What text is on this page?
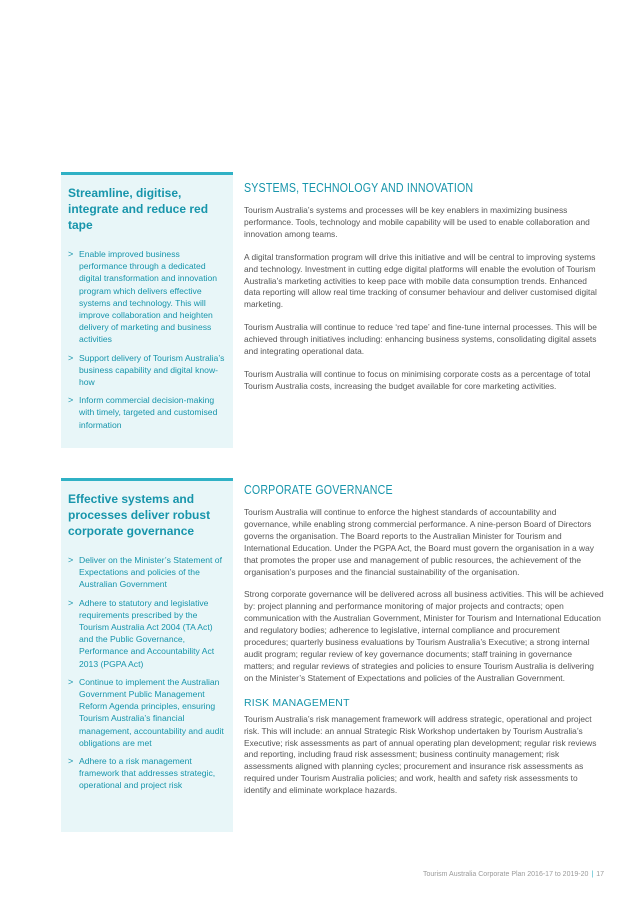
Streamline, digitise, integrate and reduce red tape
> Enable improved business performance through a dedicated digital transformation and innovation program which delivers effective systems and technology. This will improve collaboration and heighten delivery of marketing and business activities
> Support delivery of Tourism Australia’s business capability and digital know-how
> Inform commercial decision-making with timely, targeted and customised information
Effective systems and processes deliver robust corporate governance
> Deliver on the Minister’s Statement of Expectations and policies of the Australian Government
> Adhere to statutory and legislative requirements prescribed by the Tourism Australia Act 2004 (TA Act) and the Public Governance, Performance and Accountability Act 2013 (PGPA Act)
> Continue to implement the Australian Government Public Management Reform Agenda principles, ensuring Tourism Australia’s financial management, accountability and audit obligations are met
> Adhere to a risk management framework that addresses strategic, operational and project risk
SYSTEMS, TECHNOLOGY AND INNOVATION

Tourism Australia’s systems and processes will be key enablers in maximizing business performance. Tools, technology and mobile capability will be used to enable collaboration and innovation among teams.

A digital transformation program will drive this initiative and will be central to improving systems and technology. Investment in cutting edge digital platforms will enable the evolution of Tourism Australia’s marketing activities to keep pace with mobile data consumption trends. Enhanced data reporting will allow real time tracking of consumer behaviour and deliver customised digital marketing.

Tourism Australia will continue to reduce ‘red tape’ and fine-tune internal processes. This will be achieved through initiatives including: enhancing business systems, consolidating digital assets and integrating operational data.

Tourism Australia will continue to focus on minimising corporate costs as a percentage of total Tourism Australia costs, increasing the budget available for core marketing activities.

CORPORATE GOVERNANCE

Tourism Australia will continue to enforce the highest standards of accountability and governance, while enabling strong commercial performance. A nine-person Board of Directors governs the organisation. The Board reports to the Australian Minister for Tourism and International Education. Under the PGPA Act, the Board must govern the organisation in a way that promotes the proper use and management of public resources, the achievement of the organisation’s purposes and the financial sustainability of the organisation.

Strong corporate governance will be delivered across all business activities. This will be achieved by: project planning and performance monitoring of major projects and contracts; open communication with the Australian Government, Minister for Tourism and International Education and regulatory bodies; adherence to legislative, internal compliance and procurement procedures; quarterly business evaluations by Tourism Australia’s Executive; a strong internal audit program; regular review of key governance documents; staff training in governance matters; and regular reviews of strategies and policies to ensure Tourism Australia is delivering on the Minister’s Statement of Expectations and policies of the Australian Government.

RISK MANAGEMENT

Tourism Australia’s risk management framework will address strategic, operational and project risk. This will include: an annual Strategic Risk Workshop undertaken by Tourism Australia’s Executive; risk assessments as part of annual operating plan development; regular risk reviews and reporting, including fraud risk assessment; business continuity management; risk assessments aligned with planning cycles; procurement and insurance risk assessments as required under Tourism Australia policies; and work, health and safety risk assessments to identify and eliminate workplace hazards.

Tourism Australia Corporate Plan 2016-17 to 2019-20 | 17
